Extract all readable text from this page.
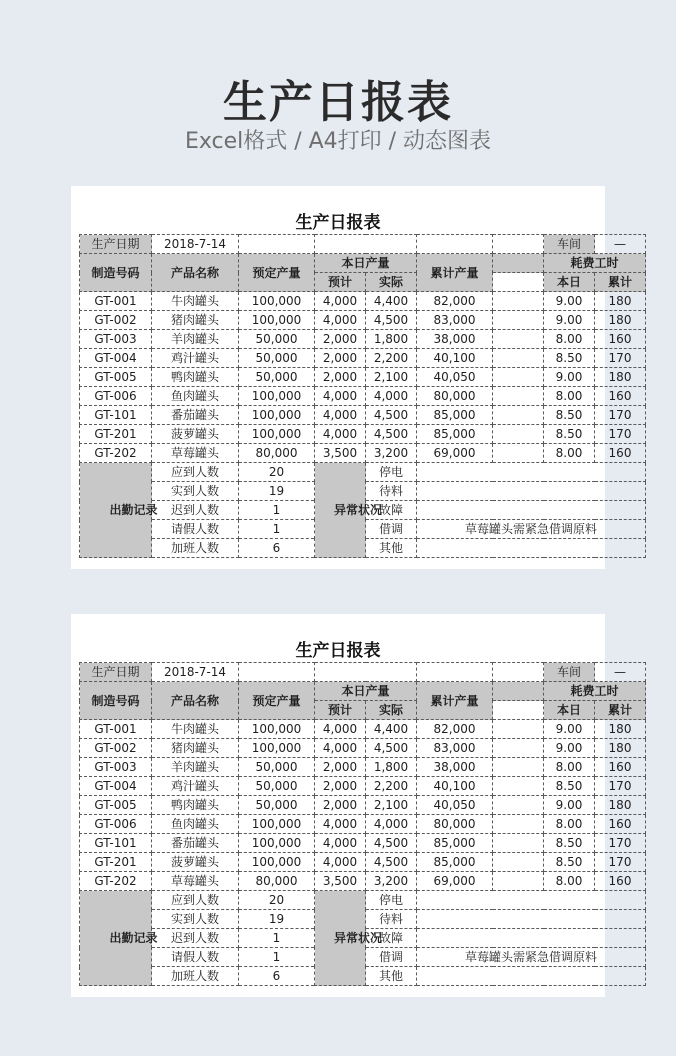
生产日报表
Excel格式 / A4打印 / 动态图表
生产日报表
生产日期	2018-7-14						车间	—
制造号码	产品名称	预定产量	本日产量		累计产量		耗费工时	
			预计	实际			本日	累计
GT-001	牛肉罐头	100,000	4,000	4,400	82,000		9.00	180
GT-002	猪肉罐头	100,000	4,000	4,500	83,000		9.00	180
GT-003	羊肉罐头	50,000	2,000	1,800	38,000		8.00	160
GT-004	鸡汁罐头	50,000	2,000	2,200	40,100		8.50	170
GT-005	鸭肉罐头	50,000	2,000	2,100	40,050		9.00	180
GT-006	鱼肉罐头	100,000	4,000	4,000	80,000		8.00	160
GT-101	番茄罐头	100,000	4,000	4,500	85,000		8.50	170
GT-201	菠萝罐头	100,000	4,000	4,500	85,000		8.50	170
GT-202	草莓罐头	80,000	3,500	3,200	69,000		8.00	160
出勤记录	应到人数	20	异常状况	停电				
	实到人数	19		待料				
	迟到人数	1		故障				
	请假人数	1		借调	草莓罐头需紧急借调原料			
	加班人数	6		其他				
生产日报表
生产日期	2018-7-14						车间	—
制造号码	产品名称	预定产量	本日产量		累计产量		耗费工时	
			预计	实际			本日	累计
GT-001	牛肉罐头	100,000	4,000	4,400	82,000		9.00	180
GT-002	猪肉罐头	100,000	4,000	4,500	83,000		9.00	180
GT-003	羊肉罐头	50,000	2,000	1,800	38,000		8.00	160
GT-004	鸡汁罐头	50,000	2,000	2,200	40,100		8.50	170
GT-005	鸭肉罐头	50,000	2,000	2,100	40,050		9.00	180
GT-006	鱼肉罐头	100,000	4,000	4,000	80,000		8.00	160
GT-101	番茄罐头	100,000	4,000	4,500	85,000		8.50	170
GT-201	菠萝罐头	100,000	4,000	4,500	85,000		8.50	170
GT-202	草莓罐头	80,000	3,500	3,200	69,000		8.00	160
出勤记录	应到人数	20	异常状况	停电				
	实到人数	19		待料				
	迟到人数	1		故障				
	请假人数	1		借调	草莓罐头需紧急借调原料			
	加班人数	6		其他				
